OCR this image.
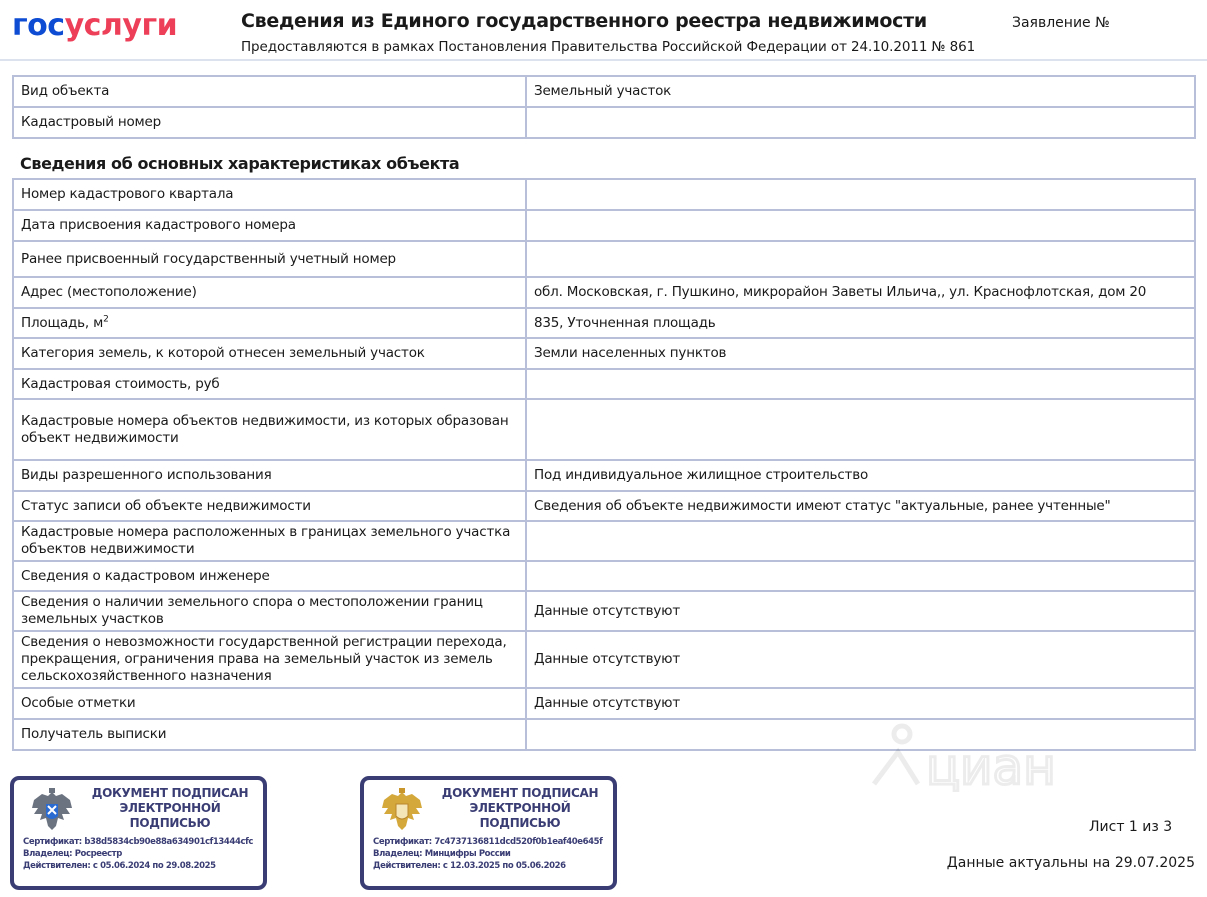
госуслуги	Сведения из Единого государственного реестра недвижимости
Предоставляются в рамках Постановления Правительства Российской Федерации от 24.10.2011 № 861
Заявление №
Вид объекта	Земельный участок
Кадастровый номер	
Сведения об основных характеристиках объекта
Номер кадастрового квартала	
Дата присвоения кадастрового номера	
Ранее присвоенный государственный учетный номер	
Адрес (местоположение)	обл. Московская, г. Пушкино, микрорайон Заветы Ильича,, ул. Краснофлотская, дом 20
Площадь, $м^2$	835, Уточненная площадь
Категория земель, к которой отнесен земельный участок	Земли населенных пунктов
Кадастровая стоимость, руб	
Кадастровые номера объектов недвижимости, из которых образован объект недвижимости	
Виды разрешенного использования	Под индивидуальное жилищное строительство
Статус записи об объекте недвижимости	Сведения об объекте недвижимости имеют статус "актуальные, ранее учтенные"
Кадастровые номера расположенных в границах земельного участка объектов недвижимости	
Сведения о кадастровом инженере	
Сведения о наличии земельного спора о местоположении границ земельных участков	Данные отсутствуют
Сведения о невозможности государственной регистрации перехода, прекращения, ограничения права на земельный участок из земель сельскохозяйственного назначения	Данные отсутствуют
Особые отметки	Данные отсутствуют
Получатель выписки	
ДОКУМЕНТ ПОДПИСАН ЭЛЕКТРОННОЙ ПОДПИСЬЮ
Сертификат: b38d5834cb90e88a634901cf13444cfc
Владелец: Росреестр
Действителен: с 05.06.2024 по 29.08.2025
ДОКУМЕНТ ПОДПИСАН ЭЛЕКТРОННОЙ ПОДПИСЬЮ
Сертификат: 7c4737136811dcd520f0b1eaf40e645f
Владелец: Минцифры России
Действителен: с 12.03.2025 по 05.06.2026
циан
Лист 1 из 3
Данные актуальны на 29.07.2025
